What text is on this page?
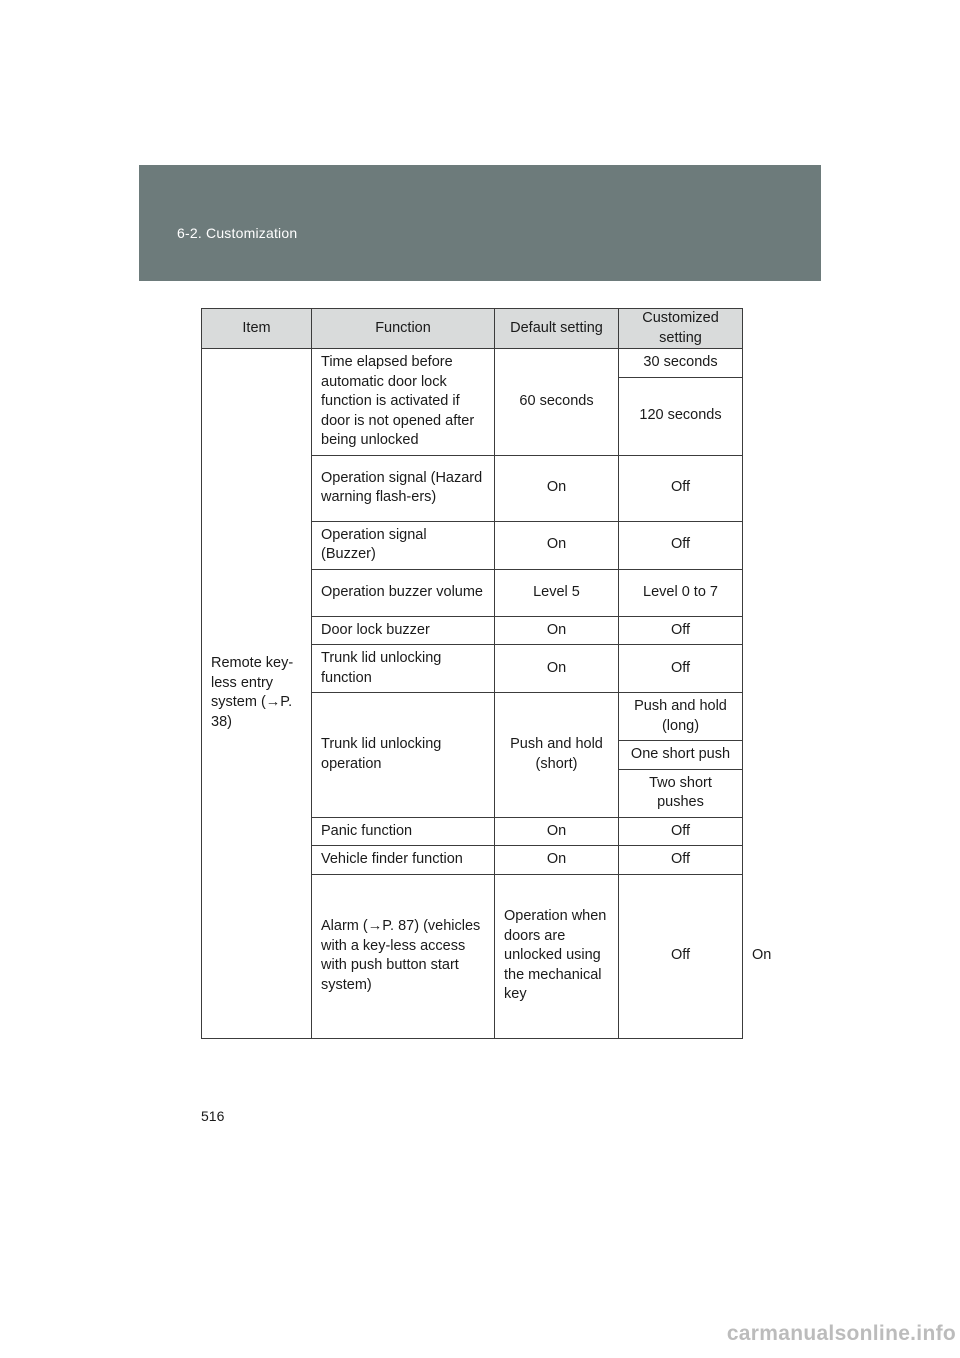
6-2. Customization
Item	Function	Default setting	Customized setting	
Remote key-less entry system (→P. 38)	Time elapsed before automatic door lock function is activated if door is not opened after being unlocked	60 seconds	30 seconds	
			120 seconds	
	Operation signal (Hazard warning flash-ers)	On	Off	
	Operation signal (Buzzer)	On	Off	
	Operation buzzer volume	Level 5	Level 0 to 7	
	Door lock buzzer	On	Off	
	Trunk lid unlocking function	On	Off	
	Trunk lid unlocking operation	Push and hold (short)	Push and hold (long)	
			One short push	
			Two short pushes	
	Panic function	On	Off	
	Vehicle finder function	On	Off	
	Alarm (→P. 87) (vehicles with a key-less access with push button start system)	Operation when doors are unlocked using the mechanical key	Off	On
516
carmanualsonline.info
